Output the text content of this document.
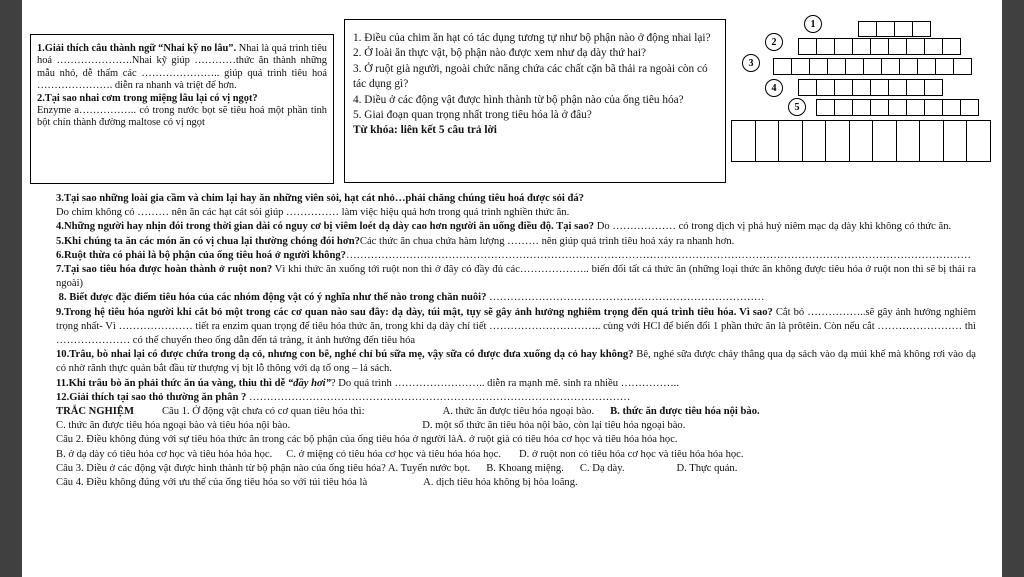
1.Giải thích câu thành ngữ “Nhai kỹ no lâu”. Nhai là quá trình tiêu hoá ………………….Nhai kỹ giúp …………thức ăn thành những mẫu nhỏ, dễ thấm các ………………….. giúp quá trình tiêu hoá …………………. diễn ra nhanh và triệt để hơn.

2.Tại sao nhai cơm trong miệng lâu lại có vị ngọt?
Enzyme a…………….. có trong nước bọt sẽ tiêu hoá một phần tinh bột chín thành đường maltose có vị ngọt

1. Điều của chim ăn hạt có tác dụng tương tự như bộ phận nào ở động nhai lại?

2. Ở loài ăn thực vật, bộ phận nào được xem như dạ dày thứ hai?

3. Ở ruột già người, ngoài chức năng chứa các chất cặn bã thải ra ngoài còn có tác dụng gì?

4. Diều ở các động vật được hình thành từ bộ phận nào của ống tiêu hóa?

5. Giai đoạn quan trọng nhất trong tiêu hóa là ở đâu?

Từ khóa: liên kết 5 câu trả lời

1
2
3
4
5

3.Tại sao những loài gia cầm và chim lại hay ăn những viên sỏi, hạt cát nhỏ…phải chăng chúng tiêu hoá được sỏi đá?

Do chim không có ……… nên ăn các hạt cát sỏi giúp …………… làm việc hiệu quả hơn trong quá trình nghiền thức ăn.

4.Những người hay nhịn đói trong thời gian dài có nguy cơ bị viêm loét dạ dày cao hơn người ăn uống điều độ. Tại sao? Do ……………… có trong dịch vị phá huỷ niêm mạc dạ dày khi không có thức ăn.

5.Khi chúng ta ăn các món ăn có vị chua lại thường chóng đói hơn?Các thức ăn chua chứa hàm lượng ……… nên giúp quá trình tiêu hoá xảy ra nhanh hơn.

6.Ruột thừa có phải là bộ phận của ống tiêu hoá ở người không?……………………………………………………………………………………………………………………………………………………………

7.Tại sao tiêu hóa được hoàn thành ở ruột non? Vì khi thức ăn xuống tới ruột non thì ở đây có đầy đủ các……………….. biến đổi tất cả thức ăn (những loại thức ăn không được tiêu hóa ở ruột non thì sẽ bị thải ra ngoài)

8. Biết được đặc điểm tiêu hóa của các nhóm động vật có ý nghĩa như thế nào trong chăn nuôi? ……………………………………………………………………

9.Trong hệ tiêu hóa người khi cắt bỏ một trong các cơ quan nào sau đây: dạ dày, túi mật, tụy sẽ gây ảnh hưởng nghiêm trọng đến quá trình tiêu hóa. Vì sao? Cắt bỏ ……………..sẽ gây ảnh hưởng nghiêm trọng nhất- Vì ………………… tiết ra enzim quan trọng để tiêu hóa thức ăn, trong khi dạ dày chỉ tiết ………………………….. cùng với HCl để biến đổi 1 phần thức ăn là prôtêin. Còn nếu cắt …………………… thì ………………… có thể chuyển theo ống dẫn đến tá tràng, ít ảnh hưởng đến tiêu hóa

10.Trâu, bò nhai lại có được chứa trong dạ cỏ, nhưng con bê, nghé chỉ bú sữa mẹ, vậy sữa có được đưa xuống dạ cỏ hay không? Bê, nghé sữa được chảy thẳng qua dạ sách vào dạ múi khế mà không rơi vào dạ cỏ nhờ rãnh thực quản bắt đầu từ thượng vị bịt lỗ thông với dạ tổ ong – lá sách.

11.Khi trâu bò ăn phải thức ăn úa vàng, thiu thì dễ “đầy hơi”? Do quá trình …………………….. diễn ra mạnh mẽ. sinh ra nhiều ……………..

12.Giải thích tại sao thỏ thường ăn phân ? ………………………………………………………………………………………………

TRẮC NGHIỆM	Câu 1. Ở động vật chưa có cơ quan tiêu hóa thì:	A. thức ăn được tiêu hóa ngoại bào. B. thức ăn được tiêu hóa nội bào.

C. thức ăn được tiêu hóa ngoại bào và tiêu hóa nội bào.	D. một số thức ăn tiêu hóa nội bào, còn lại tiêu hóa ngoại bào.

Câu 2. Điều không đúng với sự tiêu hóa thức ăn trong các bộ phận của ống tiêu hóa ở người làA. ở ruột già có tiêu hóa cơ học và tiêu hóa hóa học.

B. ở dạ dày có tiêu hóa cơ học và tiêu hóa hóa học. C. ở miệng có tiêu hóa cơ học và tiêu hóa hóa học. D. ở ruột non có tiêu hóa cơ học và tiêu hóa hóa học.

Câu 3. Diều ở các động vật được hình thành từ bộ phận nào của ống tiêu hóa? A. Tuyến nước bọt. B. Khoang miệng. C. Dạ dày.	D. Thực quản.

Câu 4. Điều không đúng với ưu thế của ống tiêu hóa so với túi tiêu hóa là	A. dịch tiêu hóa không bị hòa loãng.
